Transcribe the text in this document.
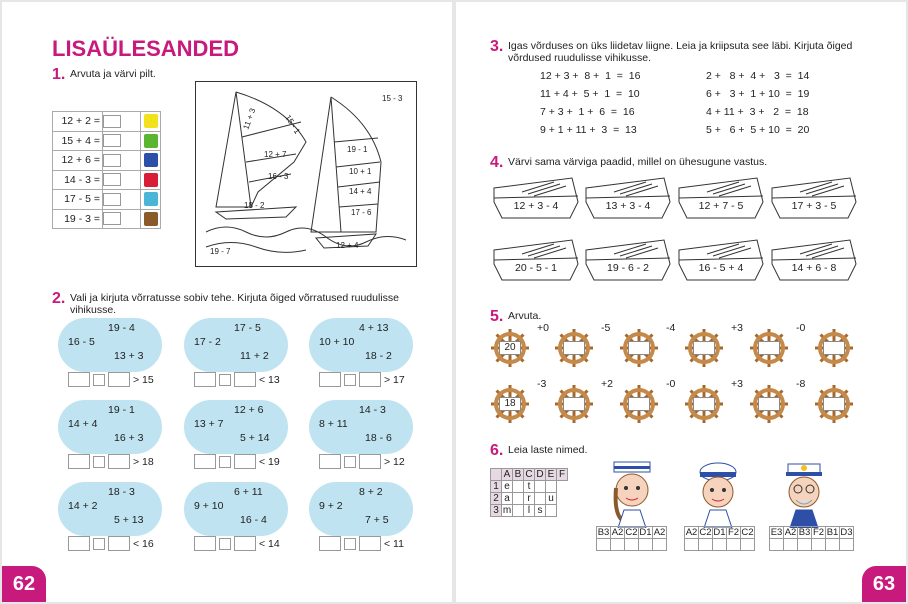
LISAÜLESANDED
1. Arvuta ja värvi pilt.
12 + 2 =		
15 + 4 =		
12 + 6 =		
14 - 3 =		
17 - 5 =		
19 - 3 =		
15 - 3
15 - 1
11 + 3
12 + 7
16 - 3
18 - 2
19 - 1
10 + 1
14 + 4
17 - 6
12 + 4
19 - 7
2. Vali ja kirjuta võrratusse sobiv tehe. Kirjuta õiged võrratused ruudulisse vihikusse.
19 - 4
16 - 5
13 + 3
> 15
17 - 5
17 - 2
11 + 2
< 13
4 + 13
10 + 10
18 - 2
> 17
19 - 1
14 + 4
16 + 3
> 18
12 + 6
13 + 7
5 + 14
< 19
14 - 3
8 + 11
18 - 6
> 12
18 - 3
14 + 2
5 + 13
< 16
6 + 11
9 + 10
16 - 4
< 14
8 + 2
9 + 2
7 + 5
< 11
62
3. Igas võrduses on üks liidetav liigne. Leia ja kriipsuta see läbi. Kirjuta õiged võrdused ruudulisse vihikusse.
12 + 3 +  8 +  1  =  16
11 + 4 +  5 +  1  =  10
7 + 3 +  1 +  6  =  16
9 + 1 + 11 +  3  =  13
2 +   8 +  4 +   3  =  14
6 +   3 +  1 + 10  =  19
4 + 11 +  3 +   2  =  18
5 +   6 +  5 + 10  =  20
4. Värvi sama värviga paadid, millel on ühesugune vastus.
12 + 3 - 4	13 + 3 - 4	12 + 7 - 5	17 + 3 - 5
20 - 5 - 1	19 - 6 - 2	16 - 5 + 4	14 + 6 - 8
5. Arvuta.
20
+0	-5	-4	+3	-0
18
-3	+2	-0	+3	-8
6. Leia laste nimed.
	A	B	C	D	E	F
1	e		t			
2	a		r		u	
3	m		l	s		
B3	A2	C2	D1	A2
				A2	C2	D1	F2	C2
				E3	A2	B3	F2	B1	D3

63
